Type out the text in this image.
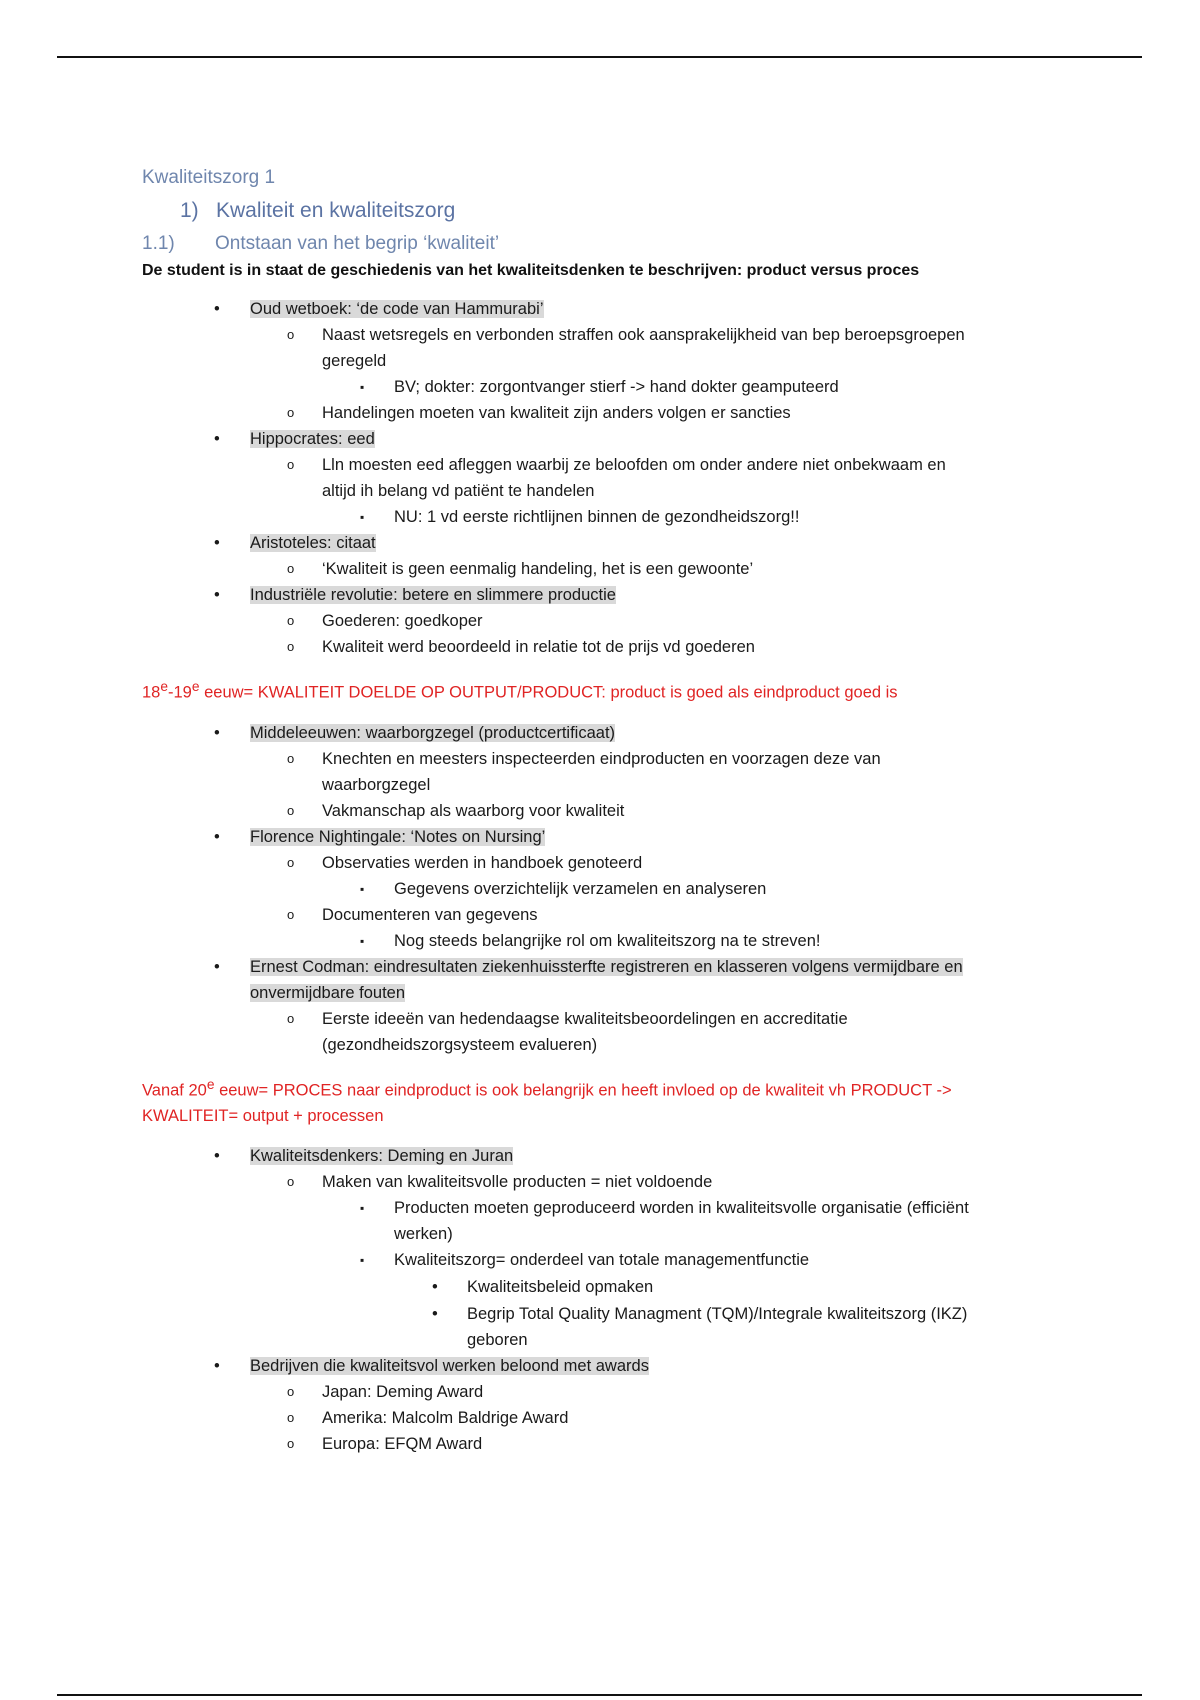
Kwaliteitszorg 1

1) Kwaliteit en kwaliteitszorg

1.1) Ontstaan van het begrip ‘kwaliteit’

De student is in staat de geschiedenis van het kwaliteitsdenken te beschrijven: product versus proces

• Oud wetboek: ‘de code van Hammurabi’
o Naast wetsregels en verbonden straffen ook aansprakelijkheid van bep beroepsgroepen
geregeld
▪ BV; dokter: zorgontvanger stierf -> hand dokter geamputeerd
o Handelingen moeten van kwaliteit zijn anders volgen er sancties
• Hippocrates: eed
o Lln moesten eed afleggen waarbij ze beloofden om onder andere niet onbekwaam en
altijd ih belang vd patiënt te handelen
▪ NU: 1 vd eerste richtlijnen binnen de gezondheidszorg!!
• Aristoteles: citaat
o ‘Kwaliteit is geen eenmalig handeling, het is een gewoonte’
• Industriële revolutie: betere en slimmere productie
o Goederen: goedkoper
o Kwaliteit werd beoordeeld in relatie tot de prijs vd goederen

18e-19e eeuw= KWALITEIT DOELDE OP OUTPUT/PRODUCT: product is goed als eindproduct goed is

• Middeleeuwen: waarborgzegel (productcertificaat)
o Knechten en meesters inspecteerden eindproducten en voorzagen deze van
waarborgzegel
o Vakmanschap als waarborg voor kwaliteit
• Florence Nightingale: ‘Notes on Nursing’
o Observaties werden in handboek genoteerd
▪ Gegevens overzichtelijk verzamelen en analyseren
o Documenteren van gegevens
▪ Nog steeds belangrijke rol om kwaliteitszorg na te streven!
• Ernest Codman: eindresultaten ziekenhuissterfte registreren en klasseren volgens vermijdbare en
onvermijdbare fouten
o Eerste ideeën van hedendaagse kwaliteitsbeoordelingen en accreditatie
(gezondheidszorgsysteem evalueren)

Vanaf 20e eeuw= PROCES naar eindproduct is ook belangrijk en heeft invloed op de kwaliteit vh PRODUCT ->
KWALITEIT= output + processen

• Kwaliteitsdenkers: Deming en Juran
o Maken van kwaliteitsvolle producten = niet voldoende
▪ Producten moeten geproduceerd worden in kwaliteitsvolle organisatie (efficiënt
werken)
▪ Kwaliteitszorg= onderdeel van totale managementfunctie
• Kwaliteitsbeleid opmaken
• Begrip Total Quality Managment (TQM)/Integrale kwaliteitszorg (IKZ)
geboren
• Bedrijven die kwaliteitsvol werken beloond met awards
o Japan: Deming Award
o Amerika: Malcolm Baldrige Award
o Europa: EFQM Award
